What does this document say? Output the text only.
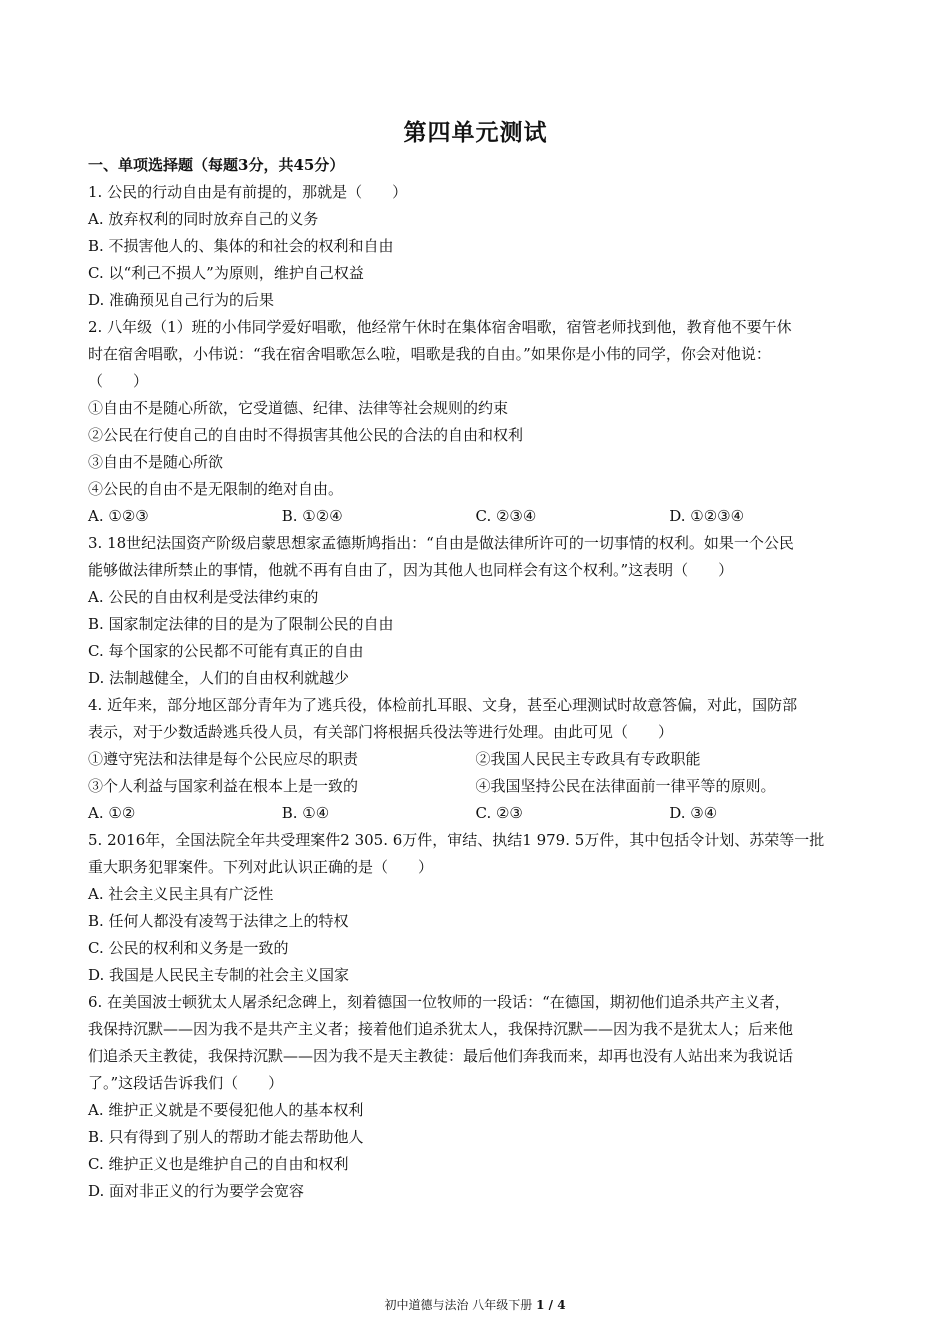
第四单元测试
一、单项选择题（每题3分，共45分）
1. 公民的行动自由是有前提的，那就是（　　）
A. 放弃权利的同时放弃自己的义务
B. 不损害他人的、集体的和社会的权利和自由
C. 以“利己不损人”为原则，维护自己权益
D. 准确预见自己行为的后果
2. 八年级（1）班的小伟同学爱好唱歌，他经常午休时在集体宿舍唱歌，宿管老师找到他，教育他不要午休
时在宿舍唱歌，小伟说：“我在宿舍唱歌怎么啦，唱歌是我的自由。”如果你是小伟的同学，你会对他说：
（　　）
①自由不是随心所欲，它受道德、纪律、法律等社会规则的约束
②公民在行使自己的自由时不得损害其他公民的合法的自由和权利
③自由不是随心所欲
④公民的自由不是无限制的绝对自由。
A. ①②③	B. ①②④	C. ②③④	D. ①②③④
3. 18世纪法国资产阶级启蒙思想家孟德斯鸠指出：“自由是做法律所许可的一切事情的权利。如果一个公民
能够做法律所禁止的事情，他就不再有自由了，因为其他人也同样会有这个权利。”这表明（　　）
A. 公民的自由权利是受法律约束的
B. 国家制定法律的目的是为了限制公民的自由
C. 每个国家的公民都不可能有真正的自由
D. 法制越健全，人们的自由权利就越少
4. 近年来，部分地区部分青年为了逃兵役，体检前扎耳眼、文身，甚至心理测试时故意答偏，对此，国防部
表示，对于少数适龄逃兵役人员，有关部门将根据兵役法等进行处理。由此可见（　　）
①遵守宪法和法律是每个公民应尽的职责	②我国人民民主专政具有专政职能
③个人利益与国家利益在根本上是一致的	④我国坚持公民在法律面前一律平等的原则。
A. ①②	B. ①④	C. ②③	D. ③④
5. 2016年，全国法院全年共受理案件2 305. 6万件，审结、执结1 979. 5万件，其中包括令计划、苏荣等一批
重大职务犯罪案件。下列对此认识正确的是（　　）
A. 社会主义民主具有广泛性
B. 任何人都没有凌驾于法律之上的特权
C. 公民的权利和义务是一致的
D. 我国是人民民主专制的社会主义国家
6. 在美国波士顿犹太人屠杀纪念碑上，刻着德国一位牧师的一段话：“在德国，期初他们追杀共产主义者，
我保持沉默——因为我不是共产主义者；接着他们追杀犹太人，我保持沉默——因为我不是犹太人；后来他
们追杀天主教徒，我保持沉默——因为我不是天主教徒：最后他们奔我而来，却再也没有人站出来为我说话
了。”这段话告诉我们（　　）
A. 维护正义就是不要侵犯他人的基本权利
B. 只有得到了别人的帮助才能去帮助他人
C. 维护正义也是维护自己的自由和权利
D. 面对非正义的行为要学会宽容
初中道德与法治 八年级下册 1 / 4
